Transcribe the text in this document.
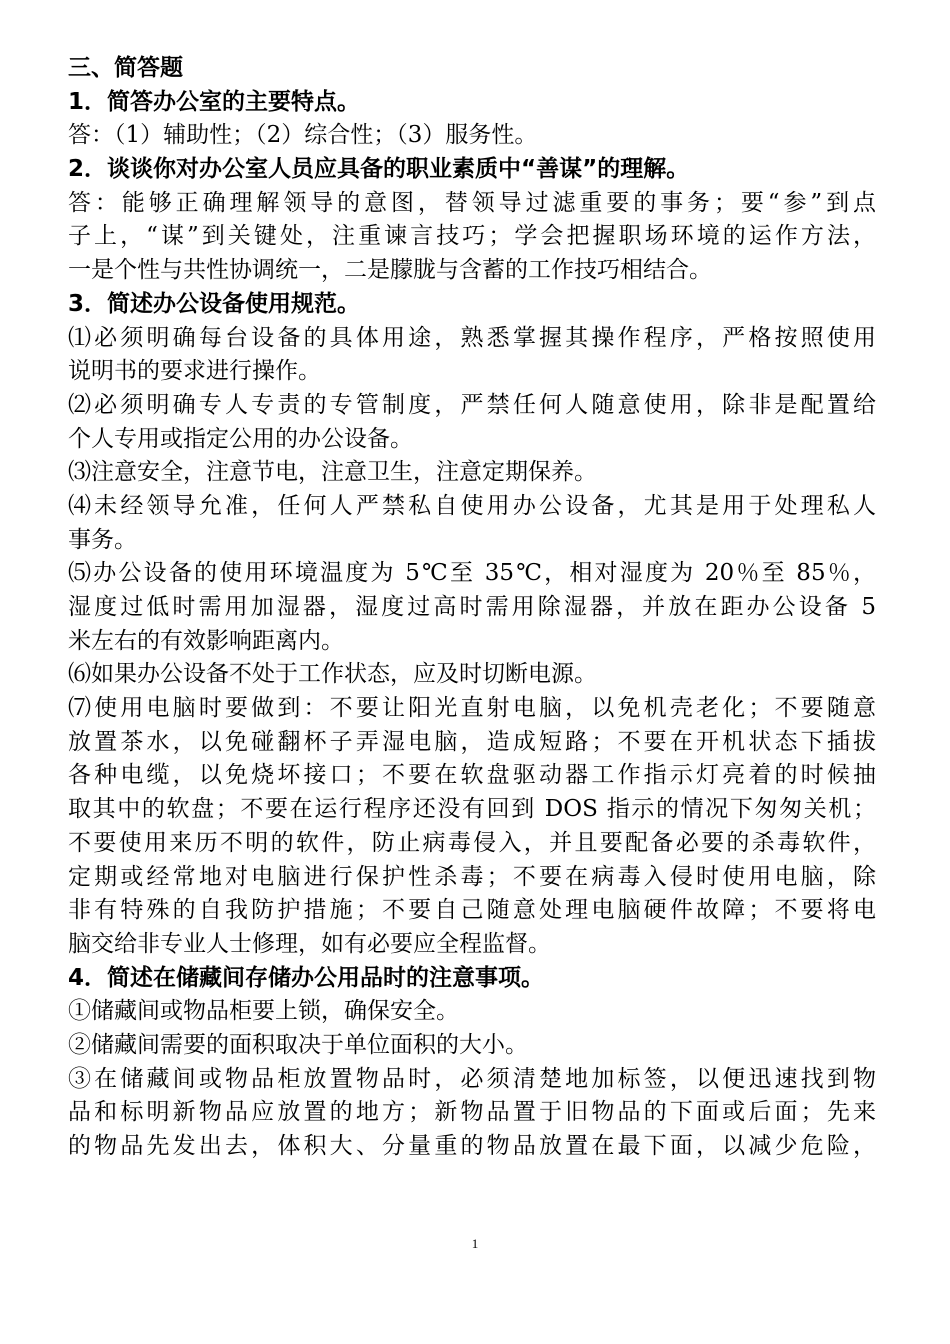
三、简答题
1．简答办公室的主要特点。
答：（1）辅助性；（2）综合性；（3）服务性。
2．谈谈你对办公室人员应具备的职业素质中“善谋”的理解。
答：能够正确理解领导的意图，替领导过滤重要的事务；要“参”到点
子上，“谋”到关键处，注重谏言技巧；学会把握职场环境的运作方法，
一是个性与共性协调统一，二是朦胧与含蓄的工作技巧相结合。
3．简述办公设备使用规范。
⑴必须明确每台设备的具体用途，熟悉掌握其操作程序，严格按照使用
说明书的要求进行操作。
⑵必须明确专人专责的专管制度，严禁任何人随意使用，除非是配置给
个人专用或指定公用的办公设备。
⑶注意安全，注意节电，注意卫生，注意定期保养。
⑷未经领导允准，任何人严禁私自使用办公设备，尤其是用于处理私人
事务。
⑸办公设备的使用环境温度为 5℃至 35℃，相对湿度为 20％至 85％，
湿度过低时需用加湿器，湿度过高时需用除湿器，并放在距办公设备 5
米左右的有效影响距离内。
⑹如果办公设备不处于工作状态，应及时切断电源。
⑺使用电脑时要做到：不要让阳光直射电脑，以免机壳老化；不要随意
放置茶水，以免碰翻杯子弄湿电脑，造成短路；不要在开机状态下插拔
各种电缆，以免烧坏接口；不要在软盘驱动器工作指示灯亮着的时候抽
取其中的软盘；不要在运行程序还没有回到 DOS 指示的情况下匆匆关机；
不要使用来历不明的软件，防止病毒侵入，并且要配备必要的杀毒软件，
定期或经常地对电脑进行保护性杀毒；不要在病毒入侵时使用电脑，除
非有特殊的自我防护措施；不要自己随意处理电脑硬件故障；不要将电
脑交给非专业人士修理，如有必要应全程监督。
4．简述在储藏间存储办公用品时的注意事项。
①储藏间或物品柜要上锁，确保安全。
②储藏间需要的面积取决于单位面积的大小。
③在储藏间或物品柜放置物品时，必须清楚地加标签，以便迅速找到物
品和标明新物品应放置的地方；新物品置于旧物品的下面或后面；先来
的物品先发出去，体积大、分量重的物品放置在最下面，以减少危险，
1
